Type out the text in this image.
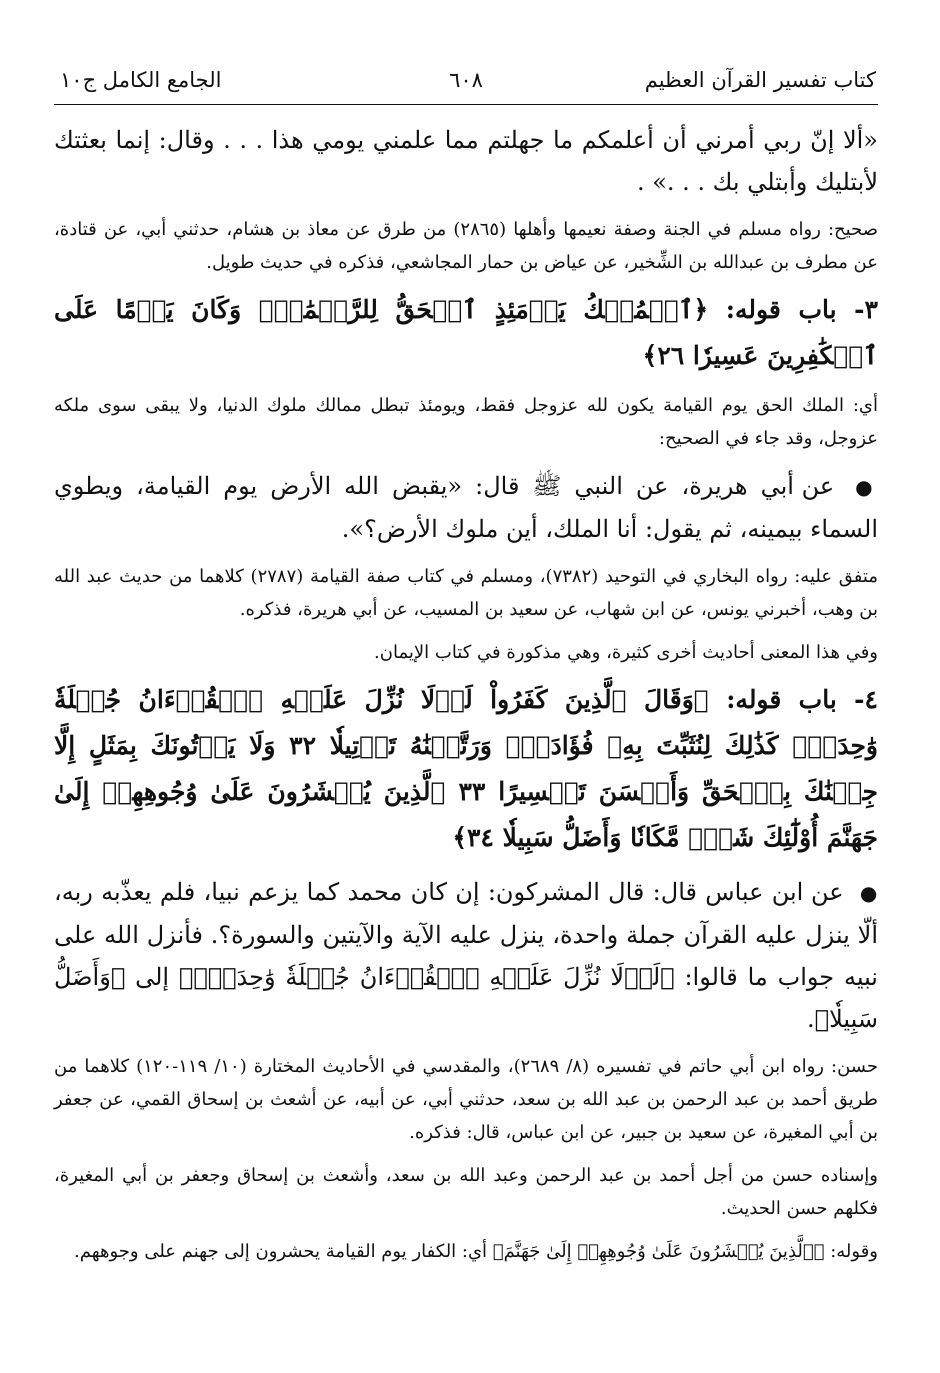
كتاب تفسير القرآن العظيم
٦٠٨
الجامع الكامل ج١٠

«ألا إنّ ربي أمرني أن أعلمكم ما جهلتم مما علمني يومي هذا . . . وقال: إنما بعثتك لأبتليك وأبتلي بك . . .» .

صحيح: رواه مسلم في الجنة وصفة نعيمها وأهلها (٢٨٦٥) من طرق عن معاذ بن هشام، حدثني أبي، عن قتادة، عن مطرف بن عبدالله بن الشِّخير، عن عياض بن حمار المجاشعي، فذكره في حديث طويل.

٣- باب قوله: ﴿ٱلۡمُلۡكُ يَوۡمَئِذٍ ٱلۡحَقُّ لِلرَّحۡمَٰنِۚ وَكَانَ يَوۡمًا عَلَى ٱلۡكَٰفِرِينَ عَسِيرٗا ٢٦﴾

أي: الملك الحق يوم القيامة يكون لله عزوجل فقط، ويومئذ تبطل ممالك ملوك الدنيا، ولا يبقى سوى ملكه عزوجل، وقد جاء في الصحيح:

● عن أبي هريرة، عن النبي ﷺ قال: «يقبض الله الأرض يوم القيامة، ويطوي السماء بيمينه، ثم يقول: أنا الملك، أين ملوك الأرض؟».

متفق عليه: رواه البخاري في التوحيد (٧٣٨٢)، ومسلم في كتاب صفة القيامة (٢٧٨٧) كلاهما من حديث عبد الله بن وهب، أخبرني يونس، عن ابن شهاب، عن سعيد بن المسيب، عن أبي هريرة، فذكره.

وفي هذا المعنى أحاديث أخرى كثيرة، وهي مذكورة في كتاب الإيمان.

٤- باب قوله: ﴿وَقَالَ ٱلَّذِينَ كَفَرُواْ لَوۡلَا نُزِّلَ عَلَيۡهِ ٱلۡقُرۡءَانُ جُمۡلَةٗ وَٰحِدَةٗۚ كَذَٰلِكَ لِنُثَبِّتَ بِهِۦ فُؤَادَكَۖ وَرَتَّلۡنَٰهُ تَرۡتِيلٗا ٣٢ وَلَا يَأۡتُونَكَ بِمَثَلٍ إِلَّا جِئۡنَٰكَ بِٱلۡحَقِّ وَأَحۡسَنَ تَفۡسِيرًا ٣٣ ٱلَّذِينَ يُحۡشَرُونَ عَلَىٰ وُجُوهِهِمۡ إِلَىٰ جَهَنَّمَ أُوْلَٰٓئِكَ شَرّٞ مَّكَانٗا وَأَضَلُّ سَبِيلٗا ٣٤﴾

● عن ابن عباس قال: قال المشركون: إن كان محمد كما يزعم نبيا، فلم يعذّبه ربه، ألّا ينزل عليه القرآن جملة واحدة، ينزل عليه الآية والآيتين والسورة؟. فأنزل الله على نبيه جواب ما قالوا: ﴿لَوۡلَا نُزِّلَ عَلَيۡهِ ٱلۡقُرۡءَانُ جُمۡلَةٗ وَٰحِدَةٗۚ﴾ إلى ﴿وَأَضَلُّ سَبِيلٗا﴾.

حسن: رواه ابن أبي حاتم في تفسيره (٨/ ٢٦٨٩)، والمقدسي في الأحاديث المختارة (١٠/ ١١٩-١٢٠) كلاهما من طريق أحمد بن عبد الرحمن بن عبد الله بن سعد، حدثني أبي، عن أبيه، عن أشعث بن إسحاق القمي، عن جعفر بن أبي المغيرة، عن سعيد بن جبير، عن ابن عباس، قال: فذكره.

وإسناده حسن من أجل أحمد بن عبد الرحمن وعبد الله بن سعد، وأشعث بن إسحاق وجعفر بن أبي المغيرة، فكلهم حسن الحديث.

وقوله: ﴿ٱلَّذِينَ يُحۡشَرُونَ عَلَىٰ وُجُوهِهِمۡ إِلَىٰ جَهَنَّمَ﴾ أي: الكفار يوم القيامة يحشرون إلى جهنم على وجوههم.
